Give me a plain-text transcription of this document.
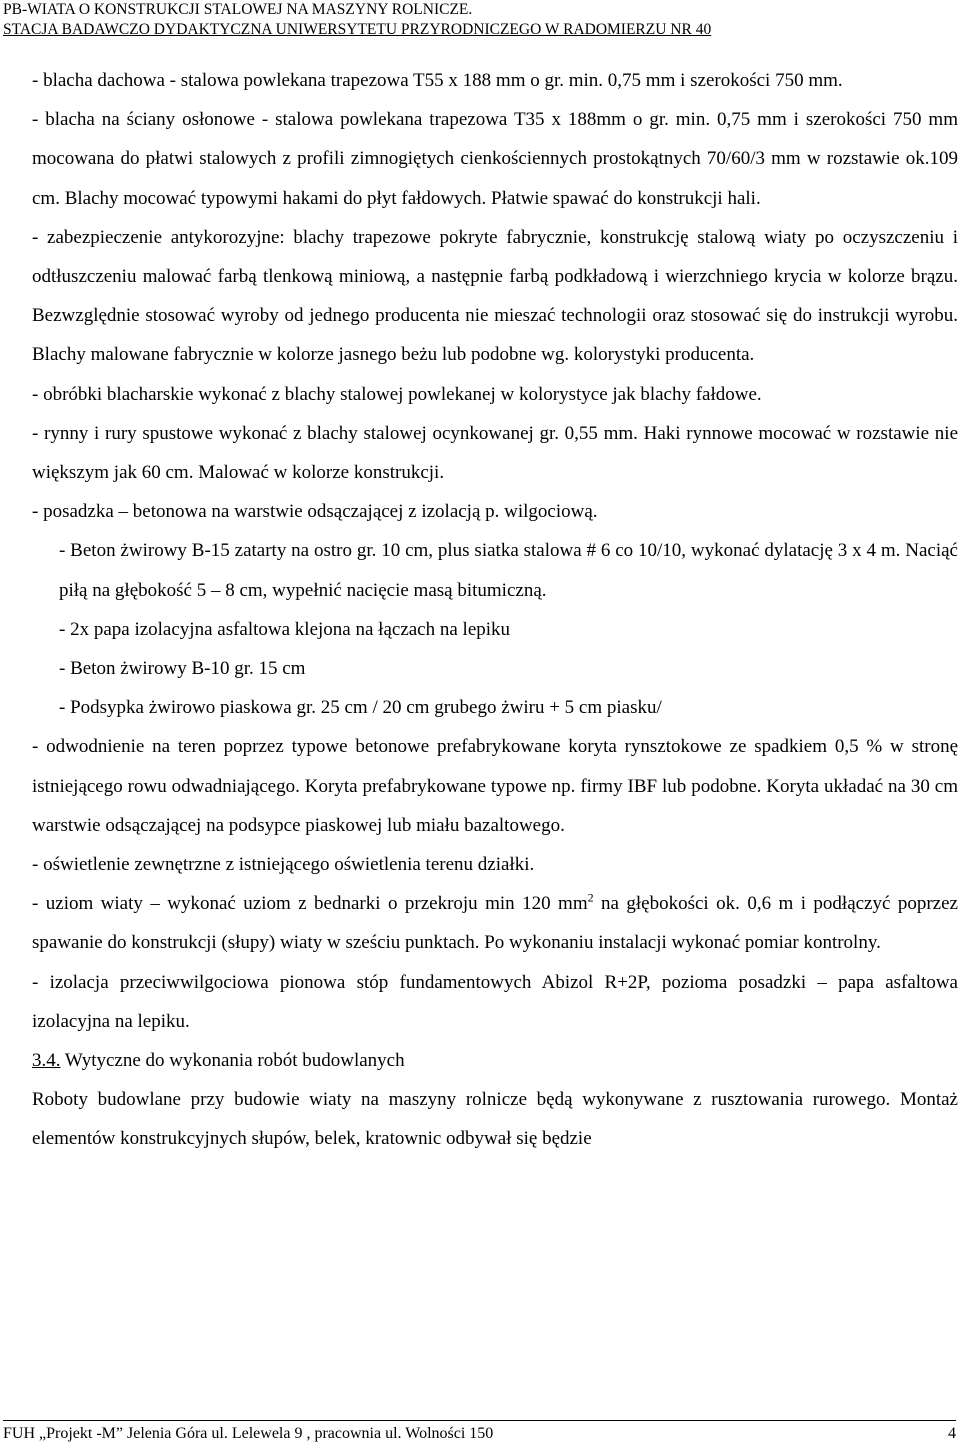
PB-WIATA O KONSTRUKCJI STALOWEJ NA MASZYNY ROLNICZE.
STACJA BADAWCZO DYDAKTYCZNA UNIWERSYTETU PRZYRODNICZEGO W RADOMIERZU NR 40

- blacha dachowa - stalowa powlekana trapezowa T55 x 188 mm o gr. min. 0,75 mm i szerokości 750 mm.

- blacha na ściany osłonowe - stalowa powlekana trapezowa T35 x 188mm o gr. min. 0,75 mm i szerokości 750 mm mocowana do płatwi stalowych z profili zimnogiętych cienkościennych prostokątnych 70/60/3 mm w rozstawie ok.109 cm. Blachy mocować typowymi hakami do płyt fałdowych. Płatwie spawać do konstrukcji hali.

- zabezpieczenie antykorozyjne: blachy trapezowe pokryte fabrycznie, konstrukcję stalową wiaty po oczyszczeniu i odtłuszczeniu malować farbą tlenkową miniową, a następnie farbą podkładową i wierzchniego krycia w kolorze brązu. Bezwzględnie stosować wyroby od jednego producenta nie mieszać technologii oraz stosować się do instrukcji wyrobu. Blachy malowane fabrycznie w kolorze jasnego beżu lub podobne wg. kolorystyki producenta.

- obróbki blacharskie wykonać z blachy stalowej powlekanej w kolorystyce jak blachy fałdowe.

- rynny i rury spustowe wykonać z blachy stalowej ocynkowanej gr. 0,55 mm. Haki rynnowe mocować w rozstawie nie większym jak 60 cm. Malować w kolorze konstrukcji.

- posadzka – betonowa na warstwie odsączającej z izolacją p. wilgociową.

- Beton żwirowy B-15 zatarty na ostro gr. 10 cm, plus siatka stalowa # 6 co 10/10, wykonać dylatację 3 x 4 m. Naciąć piłą na głębokość 5 – 8 cm, wypełnić nacięcie masą bitumiczną.

- 2x papa izolacyjna asfaltowa klejona na łączach na lepiku

- Beton żwirowy B-10 gr. 15 cm

- Podsypka żwirowo piaskowa gr. 25 cm / 20 cm grubego żwiru + 5 cm piasku/

- odwodnienie na teren poprzez typowe betonowe prefabrykowane koryta rynsztokowe ze spadkiem 0,5 % w stronę istniejącego rowu odwadniającego. Koryta prefabrykowane typowe np. firmy IBF lub podobne. Koryta układać na 30 cm warstwie odsączającej na podsypce piaskowej lub miału bazaltowego.

- oświetlenie zewnętrzne z istniejącego oświetlenia terenu działki.

- uziom wiaty – wykonać uziom z bednarki o przekroju min 120 $mm^2$ na głębokości ok. 0,6 m i podłączyć poprzez spawanie do konstrukcji (słupy) wiaty w sześciu punktach. Po wykonaniu instalacji wykonać pomiar kontrolny.

- izolacja przeciwwilgociowa pionowa stóp fundamentowych Abizol R+2P, pozioma posadzki – papa asfaltowa izolacyjna na lepiku.

3.4. Wytyczne do wykonania robót budowlanych

Roboty budowlane przy budowie wiaty na maszyny rolnicze będą wykonywane z rusztowania rurowego. Montaż elementów konstrukcyjnych słupów, belek, kratownic odbywał się będzie

FUH „Projekt -M” Jelenia Góra ul. Lelewela 9 , pracownia ul. Wolności 150	4
